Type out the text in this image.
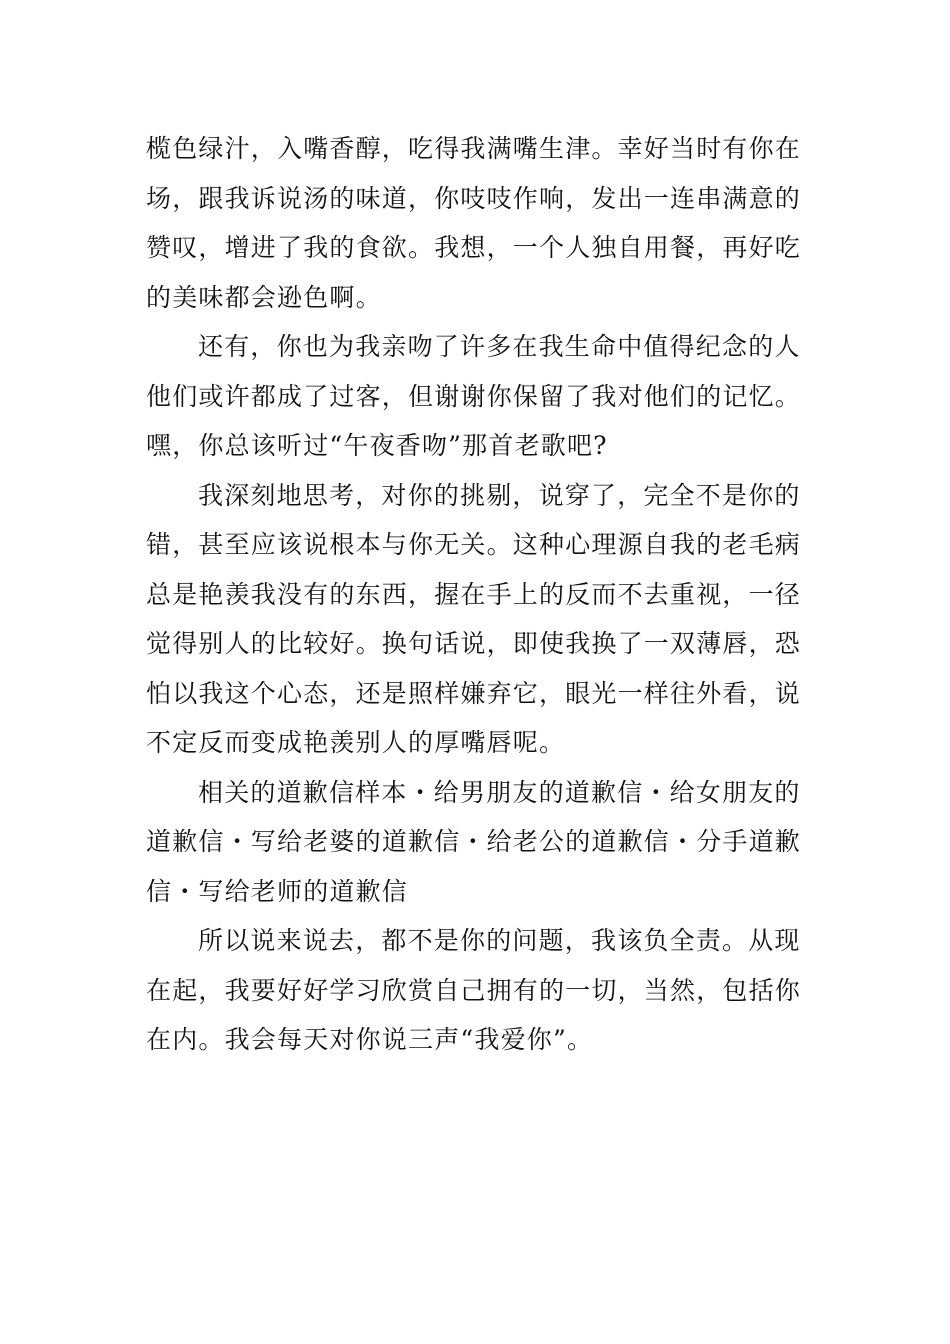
榄色绿汁，入嘴香醇，吃得我满嘴生津。幸好当时有你在
场，跟我诉说汤的味道，你吱吱作响，发出一连串满意的
赞叹，增进了我的食欲。我想，一个人独自用餐，再好吃
的美味都会逊色啊。
还有，你也为我亲吻了许多在我生命中值得纪念的人
他们或许都成了过客，但谢谢你保留了我对他们的记忆。
嘿，你总该听过“午夜香吻”那首老歌吧?
我深刻地思考，对你的挑剔，说穿了，完全不是你的
错，甚至应该说根本与你无关。这种心理源自我的老毛病
总是艳羡我没有的东西，握在手上的反而不去重视，一径
觉得别人的比较好。换句话说，即使我换了一双薄唇，恐
怕以我这个心态，还是照样嫌弃它，眼光一样往外看，说
不定反而变成艳羡别人的厚嘴唇呢。
相关的道歉信样本・给男朋友的道歉信・给女朋友的
道歉信・写给老婆的道歉信・给老公的道歉信・分手道歉
信・写给老师的道歉信
所以说来说去，都不是你的问题，我该负全责。从现
在起，我要好好学习欣赏自己拥有的一切，当然，包括你
在内。我会每天对你说三声“我爱你”。
